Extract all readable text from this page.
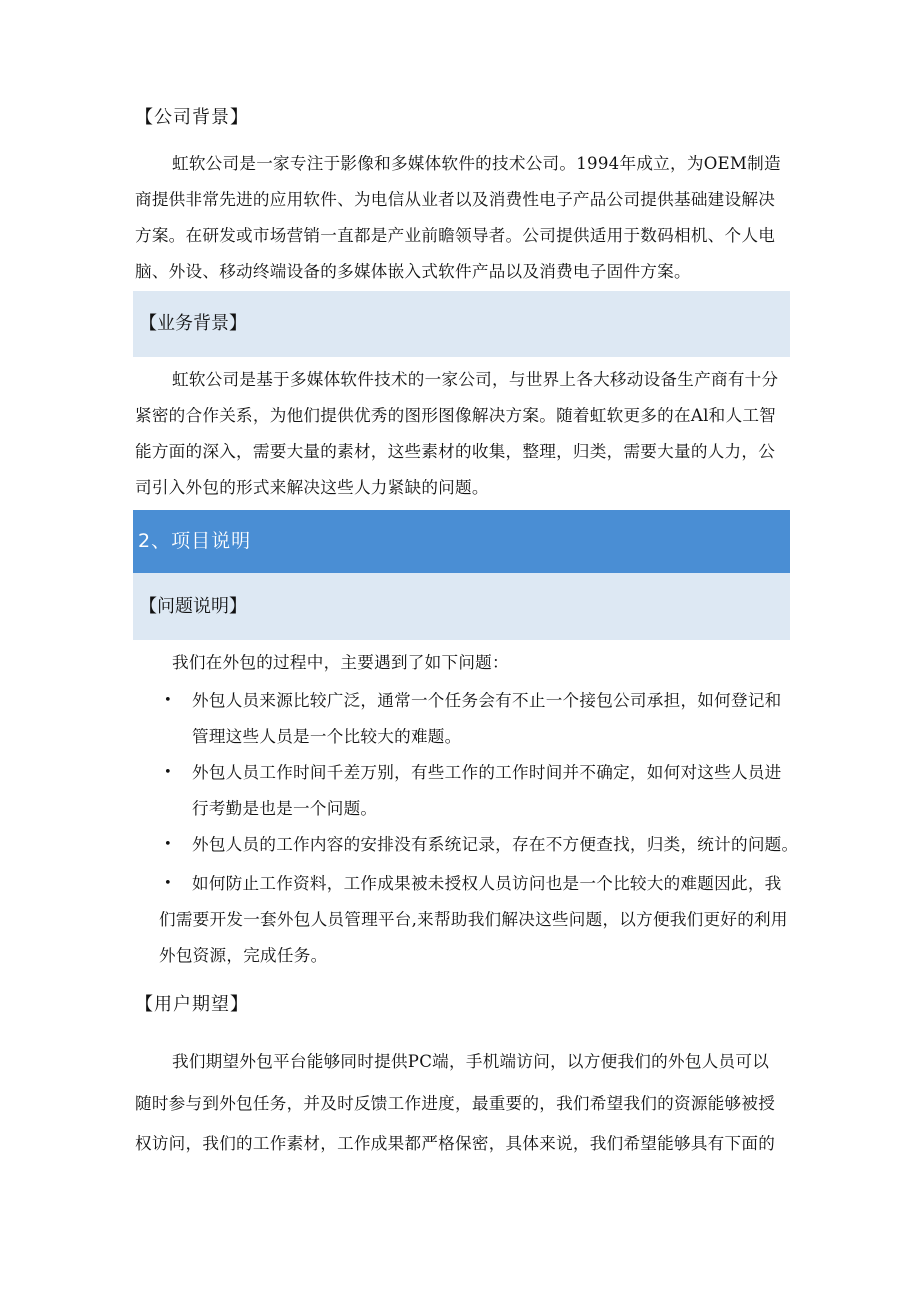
【公司背景】
虹软公司是一家专注于影像和多媒体软件的技术公司。1994年成立，为OEM制造
商提供非常先进的应用软件、为电信从业者以及消费性电子产品公司提供基础建设解决
方案。在研发或市场营销一直都是产业前瞻领导者。公司提供适用于数码相机、个人电
脑、外设、移动终端设备的多媒体嵌入式软件产品以及消费电子固件方案。
【业务背景】
虹软公司是基于多媒体软件技术的一家公司，与世界上各大移动设备生产商有十分
紧密的合作关系，为他们提供优秀的图形图像解决方案。随着虹软更多的在Al和人工智
能方面的深入，需要大量的素材，这些素材的收集，整理，归类，需要大量的人力，公
司引入外包的形式来解决这些人力紧缺的问题。
2、项目说明
【问题说明】
我们在外包的过程中，主要遇到了如下问题：
• 外包人员来源比较广泛，通常一个任务会有不止一个接包公司承担，如何登记和
管理这些人员是一个比较大的难题。
• 外包人员工作时间千差万别，有些工作的工作时间并不确定，如何对这些人员进
行考勤是也是一个问题。
• 外包人员的工作内容的安排没有系统记录，存在不方便查找，归类，统计的问题。
• 如何防止工作资料，工作成果被未授权人员访问也是一个比较大的难题因此，我
们需要开发一套外包人员管理平台,来帮助我们解决这些问题，以方便我们更好的利用
外包资源，完成任务。
【用户期望】
我们期望外包平台能够同时提供PC端，手机端访问，以方便我们的外包人员可以
随时参与到外包任务，并及时反馈工作进度，最重要的，我们希望我们的资源能够被授
权访问，我们的工作素材，工作成果都严格保密，具体来说，我们希望能够具有下面的
